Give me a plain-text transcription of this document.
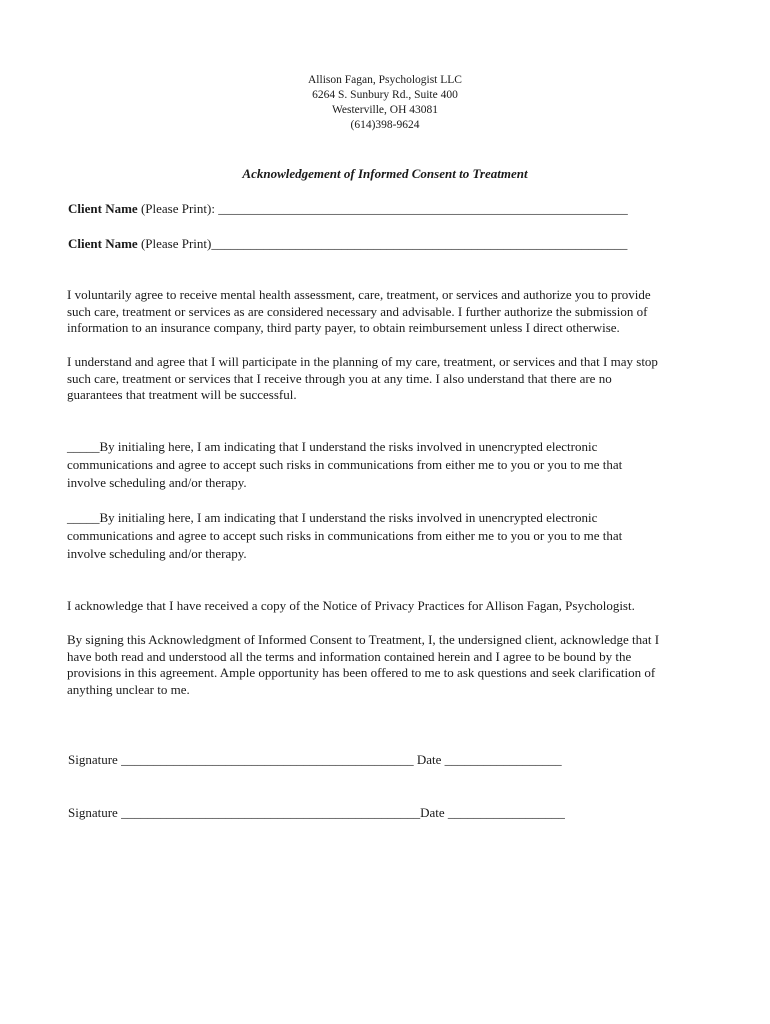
Allison Fagan, Psychologist LLC
6264 S. Sunbury Rd., Suite 400
Westerville, OH 43081
(614)398-9624
Acknowledgement of Informed Consent to Treatment
Client Name (Please Print): _______________________________________________________________
Client Name (Please Print)________________________________________________________________
I voluntarily agree to receive mental health assessment, care, treatment, or services and authorize you to provide
such care, treatment or services as are considered necessary and advisable. I further authorize the submission of
information to an insurance company, third party payer, to obtain reimbursement unless I direct otherwise.
I understand and agree that I will participate in the planning of my care, treatment, or services and that I may stop
such care, treatment or services that I receive through you at any time. I also understand that there are no
guarantees that treatment will be successful.
_____By initialing here, I am indicating that I understand the risks involved in unencrypted electronic
communications and agree to accept such risks in communications from either me to you or you to me that
involve scheduling and/or therapy.
_____By initialing here, I am indicating that I understand the risks involved in unencrypted electronic
communications and agree to accept such risks in communications from either me to you or you to me that
involve scheduling and/or therapy.
I acknowledge that I have received a copy of the Notice of Privacy Practices for Allison Fagan, Psychologist.
By signing this Acknowledgment of Informed Consent to Treatment, I, the undersigned client, acknowledge that I
have both read and understood all the terms and information contained herein and I agree to be bound by the
provisions in this agreement. Ample opportunity has been offered to me to ask questions and seek clarification of
anything unclear to me.
Signature _____________________________________________ Date __________________
Signature ______________________________________________Date __________________
